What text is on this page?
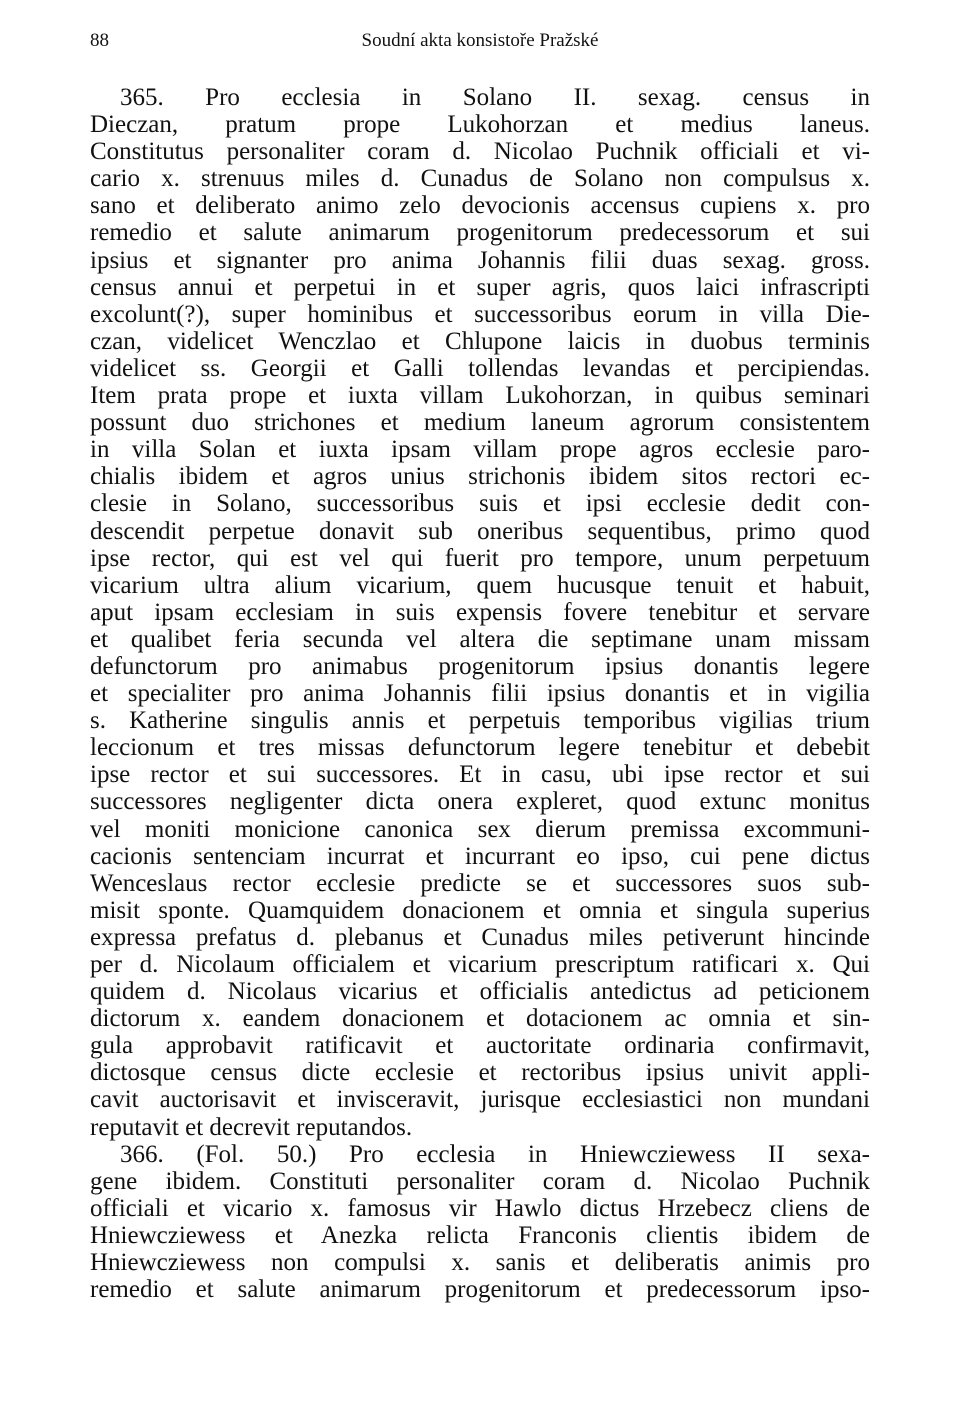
88	Soudní akta konsistoře Pražské
365. Pro ecclesia in Solano II. sexag. census in
Dieczan, pratum prope Lukohorzan et medius laneus.
Constitutus personaliter coram d. Nicolao Puchnik officiali et vi-
cario x. strenuus miles d. Cunadus de Solano non compulsus x.
sano et deliberato animo zelo devocionis accensus cupiens x. pro
remedio et salute animarum progenitorum predecessorum et sui
ipsius et signanter pro anima Johannis filii duas sexag. gross.
census annui et perpetui in et super agris, quos laici infrascripti
excolunt(?), super hominibus et successoribus eorum in villa Die-
czan, videlicet Wenczlao et Chlupone laicis in duobus terminis
videlicet ss. Georgii et Galli tollendas levandas et percipiendas.
Item prata prope et iuxta villam Lukohorzan, in quibus seminari
possunt duo strichones et medium laneum agrorum consistentem
in villa Solan et iuxta ipsam villam prope agros ecclesie paro-
chialis ibidem et agros unius strichonis ibidem sitos rectori ec-
clesie in Solano, successoribus suis et ipsi ecclesie dedit con-
descendit perpetue donavit sub oneribus sequentibus, primo quod
ipse rector, qui est vel qui fuerit pro tempore, unum perpetuum
vicarium ultra alium vicarium, quem hucusque tenuit et habuit,
aput ipsam ecclesiam in suis expensis fovere tenebitur et servare
et qualibet feria secunda vel altera die septimane unam missam
defunctorum pro animabus progenitorum ipsius donantis legere
et specialiter pro anima Johannis filii ipsius donantis et in vigilia
s. Katherine singulis annis et perpetuis temporibus vigilias trium
leccionum et tres missas defunctorum legere tenebitur et debebit
ipse rector et sui successores. Et in casu, ubi ipse rector et sui
successores negligenter dicta onera expleret, quod extunc monitus
vel moniti monicione canonica sex dierum premissa excommuni-
cacionis sentenciam incurrat et incurrant eo ipso, cui pene dictus
Wenceslaus rector ecclesie predicte se et successores suos sub-
misit sponte. Quamquidem donacionem et omnia et singula superius
expressa prefatus d. plebanus et Cunadus miles petiverunt hincinde
per d. Nicolaum officialem et vicarium prescriptum ratificari x. Qui
quidem d. Nicolaus vicarius et officialis antedictus ad peticionem
dictorum x. eandem donacionem et dotacionem ac omnia et sin-
gula approbavit ratificavit et auctoritate ordinaria confirmavit,
dictosque census dicte ecclesie et rectoribus ipsius univit appli-
cavit auctorisavit et invisceravit, jurisque ecclesiastici non mundani
reputavit et decrevit reputandos.
366. (Fol. 50.) Pro ecclesia in Hniewcziewess II sexa-
gene ibidem. Constituti personaliter coram d. Nicolao Puchnik
officiali et vicario x. famosus vir Hawlo dictus Hrzebecz cliens de
Hniewcziewess et Anezka relicta Franconis clientis ibidem de
Hniewcziewess non compulsi x. sanis et deliberatis animis pro
remedio et salute animarum progenitorum et predecessorum ipso-
